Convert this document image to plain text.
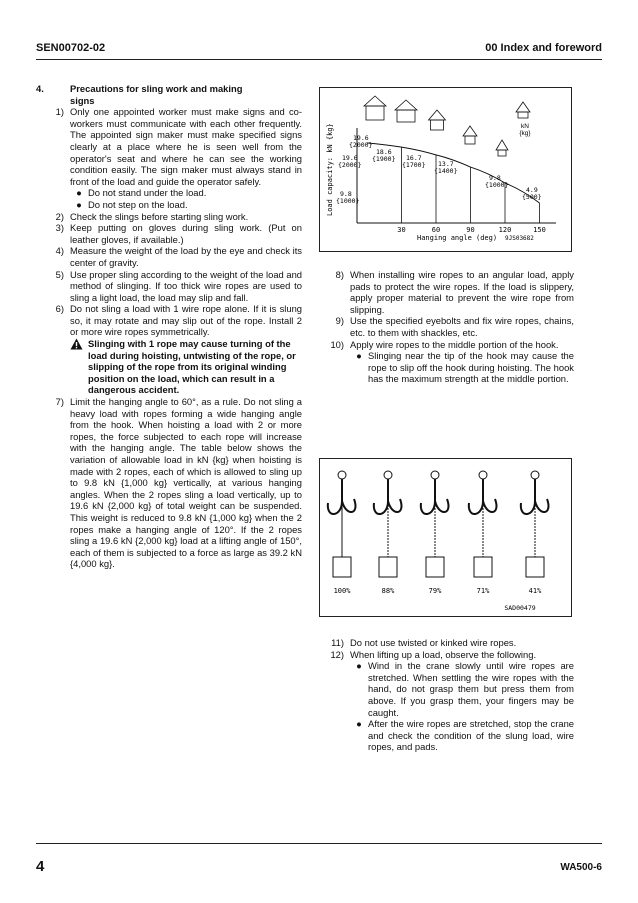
SEN00702-02	00 Index and foreword
4.	Precautions for sling work and making
signs
1) Only one appointed worker must make signs and co-workers must communicate with each other frequently. The appointed sign maker must make specified signs clearly at a place where he is seen well from the operator's seat and where he can see the working condition easily. The sign maker must always stand in front of the load and guide the operator safely.
● Do not stand under the load.
● Do not step on the load.
2) Check the slings before starting sling work.
3) Keep putting on gloves during sling work. (Put on leather gloves, if available.)
4) Measure the weight of the load by the eye and check its center of gravity.
5) Use proper sling according to the weight of the load and method of slinging. If too thick wire ropes are used to sling a light load, the load may slip and fall.
6) Do not sling a load with 1 wire rope alone. If it is slung so, it may rotate and may slip out of the rope. Install 2 or more wire ropes symmetrically.
Slinging with 1 rope may cause turning of the load during hoisting, untwisting of the rope, or slipping of the rope from its original winding position on the load, which can result in a dangerous accident.
7) Limit the hanging angle to 60°, as a rule. Do not sling a heavy load with ropes forming a wide hanging angle from the hook. When hoisting a load with 2 or more ropes, the force subjected to each rope will increase with the hanging angle. The table below shows the variation of allowable load in kN {kg} when hoisting is made with 2 ropes, each of which is allowed to sling up to 9.8 kN {1,000 kg} vertically, at various hanging angles. When the 2 ropes sling a load vertically, up to 19.6 kN {2,000 kg} of total weight can be suspended. This weight is reduced to 9.8 kN {1,000 kg} when the 2 ropes make a hanging angle of 120°. If the 2 ropes sling a 19.6 kN {2,000 kg} load at a lifting angle of 150°, each of them is subjected to a force as large as 39.2 kN {4,000 kg}.
30	60	90	120	150
Hanging angle (deg) 9JS03682
Load capacity: kN {kg}	kN
{kg}
19.6
{2000}
19.6
{2000}
18.6
{1900} 16.7
{1700} 13.7
{1400}
9.8
{1000}
9.8
{1000}
4.9
{500}
8) When installing wire ropes to an angular load, apply pads to protect the wire ropes. If the load is slippery, apply proper material to prevent the wire rope from slipping.
9) Use the specified eyebolts and fix wire ropes, chains, etc. to them with shackles, etc.
10) Apply wire ropes to the middle portion of the hook.
● Slinging near the tip of the hook may cause the rope to slip off the hook during hoisting. The hook has the maximum strength at the middle portion.
100%	88%	79%	71%	41%
SAD00479
11) Do not use twisted or kinked wire ropes.
12) When lifting up a load, observe the following.
● Wind in the crane slowly until wire ropes are stretched. When settling the wire ropes with the hand, do not grasp them but press them from above. If you grasp them, your fingers may be caught.
● After the wire ropes are stretched, stop the crane and check the condition of the slung load, wire ropes, and pads.
4	WA500-6
